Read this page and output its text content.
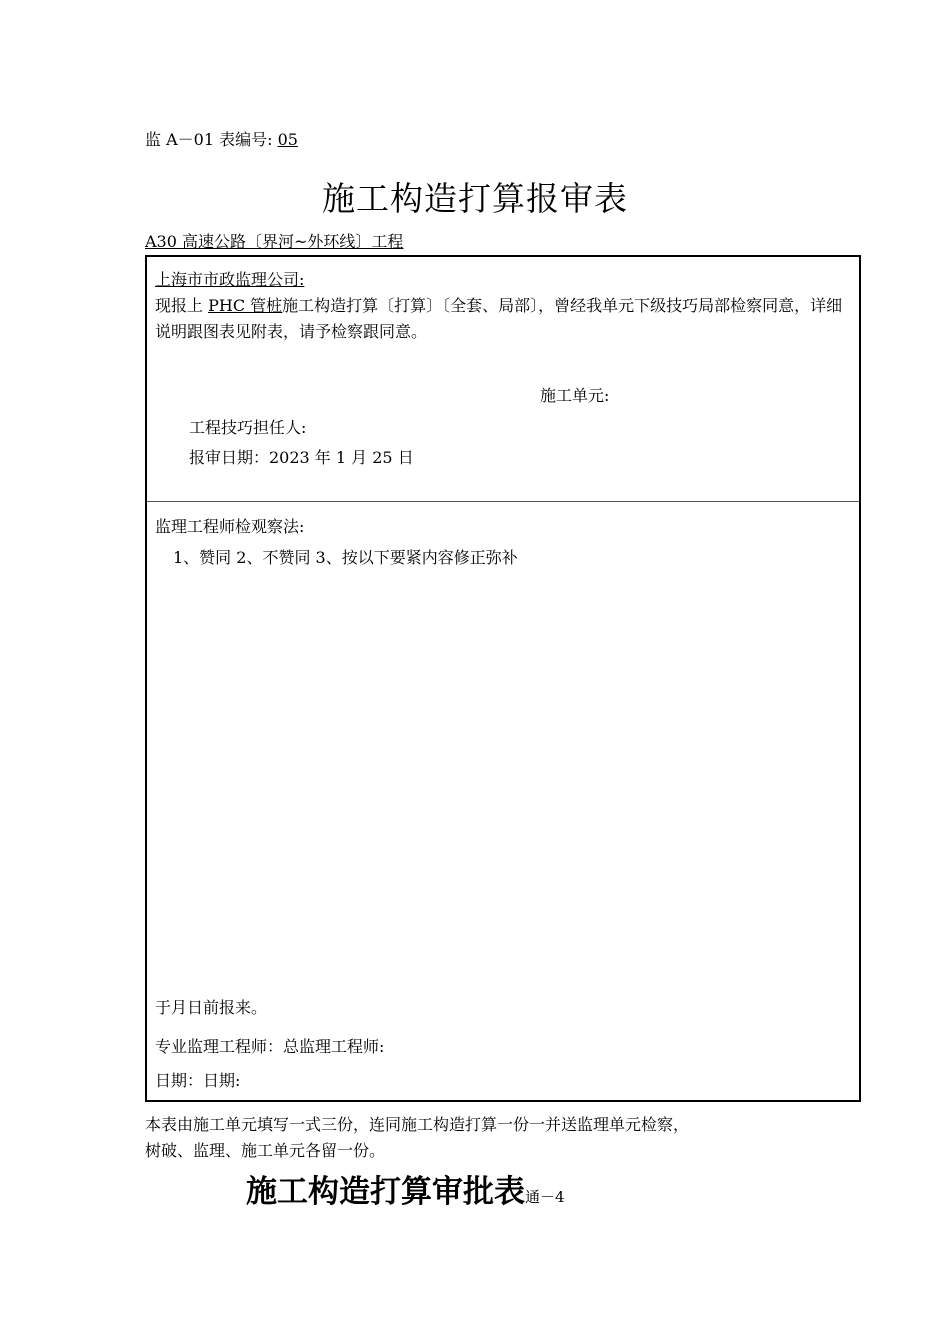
监 A－01 表编号: 05
施工构造打算报审表
A30 高速公路〔界河~外环线〕工程
上海市市政监理公司:
现报上 PHC 管桩施工构造打算〔打算〕〔全套、局部〕，曾经我单元下级技巧局部检察同意，详细说明跟图表见附表，请予检察跟同意。
施工单元:
工程技巧担任人:
报审日期：2023 年 1 月 25 日
监理工程师检观察法:
1、赞同 2、不赞同 3、按以下要紧内容修正弥补
于月日前报来。
专业监理工程师：总监理工程师:
日期：日期:
本表由施工单元填写一式三份，连同施工构造打算一份一并送监理单元检察，
树破、监理、施工单元各留一份。
施工构造打算审批表通－4
